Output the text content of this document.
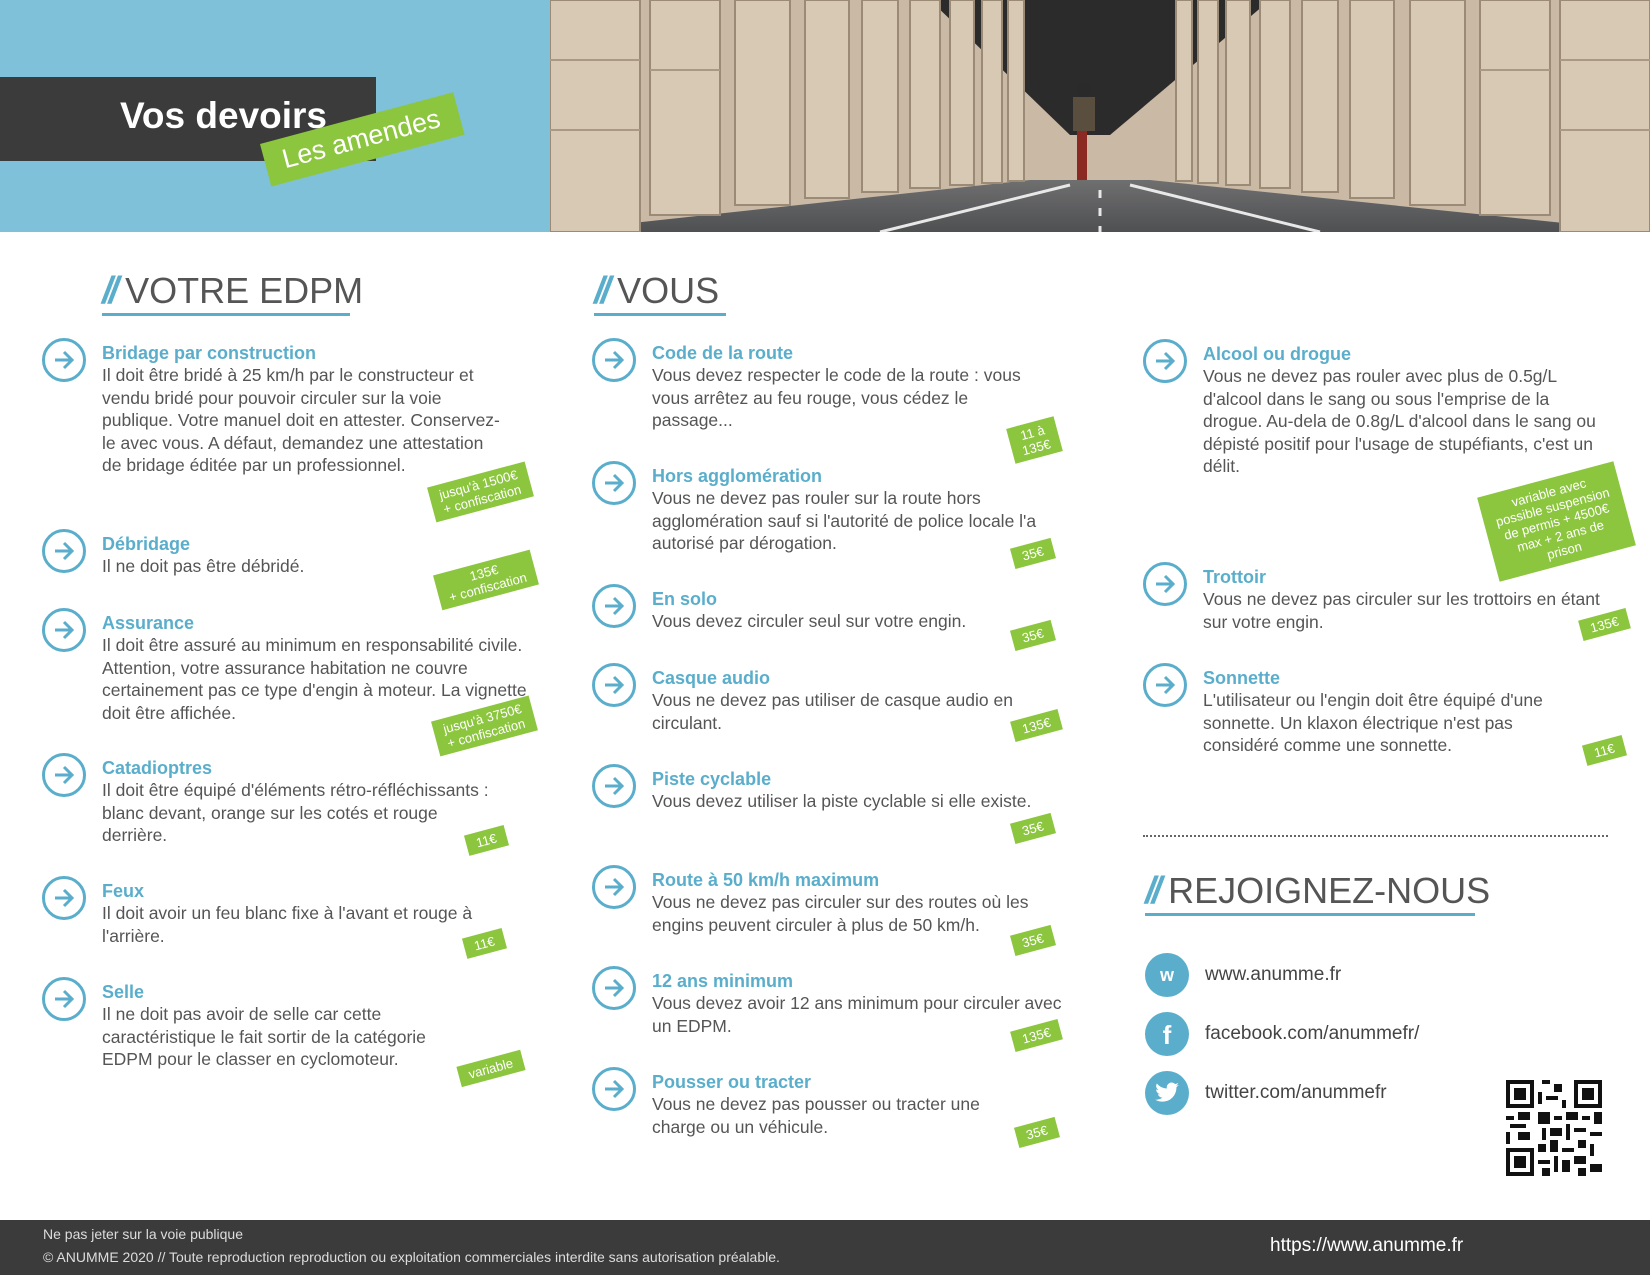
Vos devoirs
Les amendes
// VOTRE EDPM	// VOUS
Bridage par construction

Il doit être bridé à 25 km/h par le constructeur et vendu bridé pour pouvoir circuler sur la voie publique. Votre manuel doit en attester. Conservez-le avec vous. A défaut, demandez une attestation de bridage éditée par un professionnel.

jusqu'à 1500€
+ confiscation
Débridage

Il ne doit pas être débridé.	135€
+ confiscation
Assurance

Il doit être assuré au minimum en responsabilité civile. Attention, votre assurance habitation ne couvre certainement pas ce type d'engin à moteur. La vignette doit être affichée.	jusqu'à 3750€
+ confiscation
Catadioptres

Il doit être équipé d'éléments rétro-réfléchissants : blanc devant, orange sur les cotés et rouge derrière.	11€
Feux

Il doit avoir un feu blanc fixe à l'avant et rouge à l'arrière.	11€
Selle

Il ne doit pas avoir de selle car cette caractéristique le fait sortir de la catégorie EDPM pour le classer en cyclomoteur.	variable
Code de la route

Vous devez respecter le code de la route : vous vous arrêtez au feu rouge, vous cédez le passage...

11 à
135€
Hors agglomération

Vous ne devez pas rouler sur la route hors agglomération sauf si l'autorité de police locale l'a autorisé par dérogation.

35€
En solo

Vous devez circuler seul sur votre engin.

35€
Casque audio

Vous ne devez pas utiliser de casque audio en circulant.	135€
Piste cyclable

Vous devez utiliser la piste cyclable si elle existe.

35€
Route à 50 km/h maximum

Vous ne devez pas circuler sur des routes où les engins peuvent circuler à plus de 50 km/h.

35€
12 ans minimum

Vous devez avoir 12 ans minimum pour circuler avec un EDPM.	135€
Pousser ou tracter

Vous ne devez pas pousser ou tracter une charge ou un véhicule.	35€
Alcool ou drogue

Vous ne devez pas rouler avec plus de 0.5g/L d'alcool dans le sang ou sous l'emprise de la drogue. Au-dela de 0.8g/L d'alcool dans le sang ou dépisté positif pour l'usage de stupéfiants, c'est un délit.

variable avec
possible suspension
de permis + 4500€
max + 2 ans de
prison
Trottoir

Vous ne devez pas circuler sur les trottoirs en étant sur votre engin.	135€
Sonnette

L'utilisateur ou l'engin doit être équipé d'une sonnette. Un klaxon électrique n'est pas considéré comme une sonnette.	11€
// REJOIGNEZ-NOUS
w	www.anumme.fr
f	facebook.com/anummefr/
twitter.com/anummefr
Ne pas jeter sur la voie publique
© ANUMME 2020 // Toute reproduction reproduction ou exploitation commerciales interdite sans autorisation préalable.
https://www.anumme.fr
